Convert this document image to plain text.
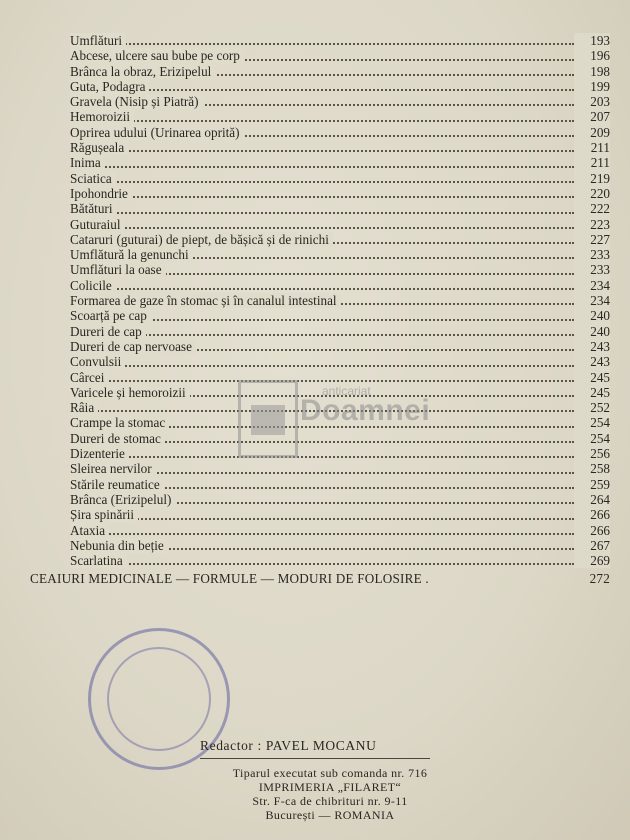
Umflături	193
Abcese, ulcere sau bube pe corp	196
Brânca la obraz, Erizipelul	198
Guta, Podagra	199
Gravela (Nisip și Piatră)	203
Hemoroizii	207
Oprirea udului (Urinarea oprită)	209
Răgușeala	211
Inima	211
Sciatica	219
Ipohondrie	220
Bătături	222
Guturaiul	223
Cataruri (guturai) de piept, de bășică și de rinichi	227
Umflătură la genunchi	233
Umflături la oase	233
Colicile	234
Formarea de gaze în stomac și în canalul intestinal	234
Scoarță pe cap	240
Dureri de cap	240
Dureri de cap nervoase	243
Convulsii	243
Cârcei	245
Varicele și hemoroizii	245
Râia	252
Crampe la stomac	254
Dureri de stomac	254
Dizenterie	256
Sleirea nervilor	258
Stările reumatice	259
Brânca (Erizipelul)	264
Șira spinării	266
Ataxia	266
Nebunia din beție	267
Scarlatina	269
CEAIURI MEDICINALE — FORMULE — MODURI DE FOLOSIRE .	272
anticariat
Doamnei
Redactor : PAVEL MOCANU
Tiparul executat sub comanda nr. 716
IMPRIMERIA „FILARET“
Str. F-ca de chibrituri nr. 9-11
București — ROMANIA
